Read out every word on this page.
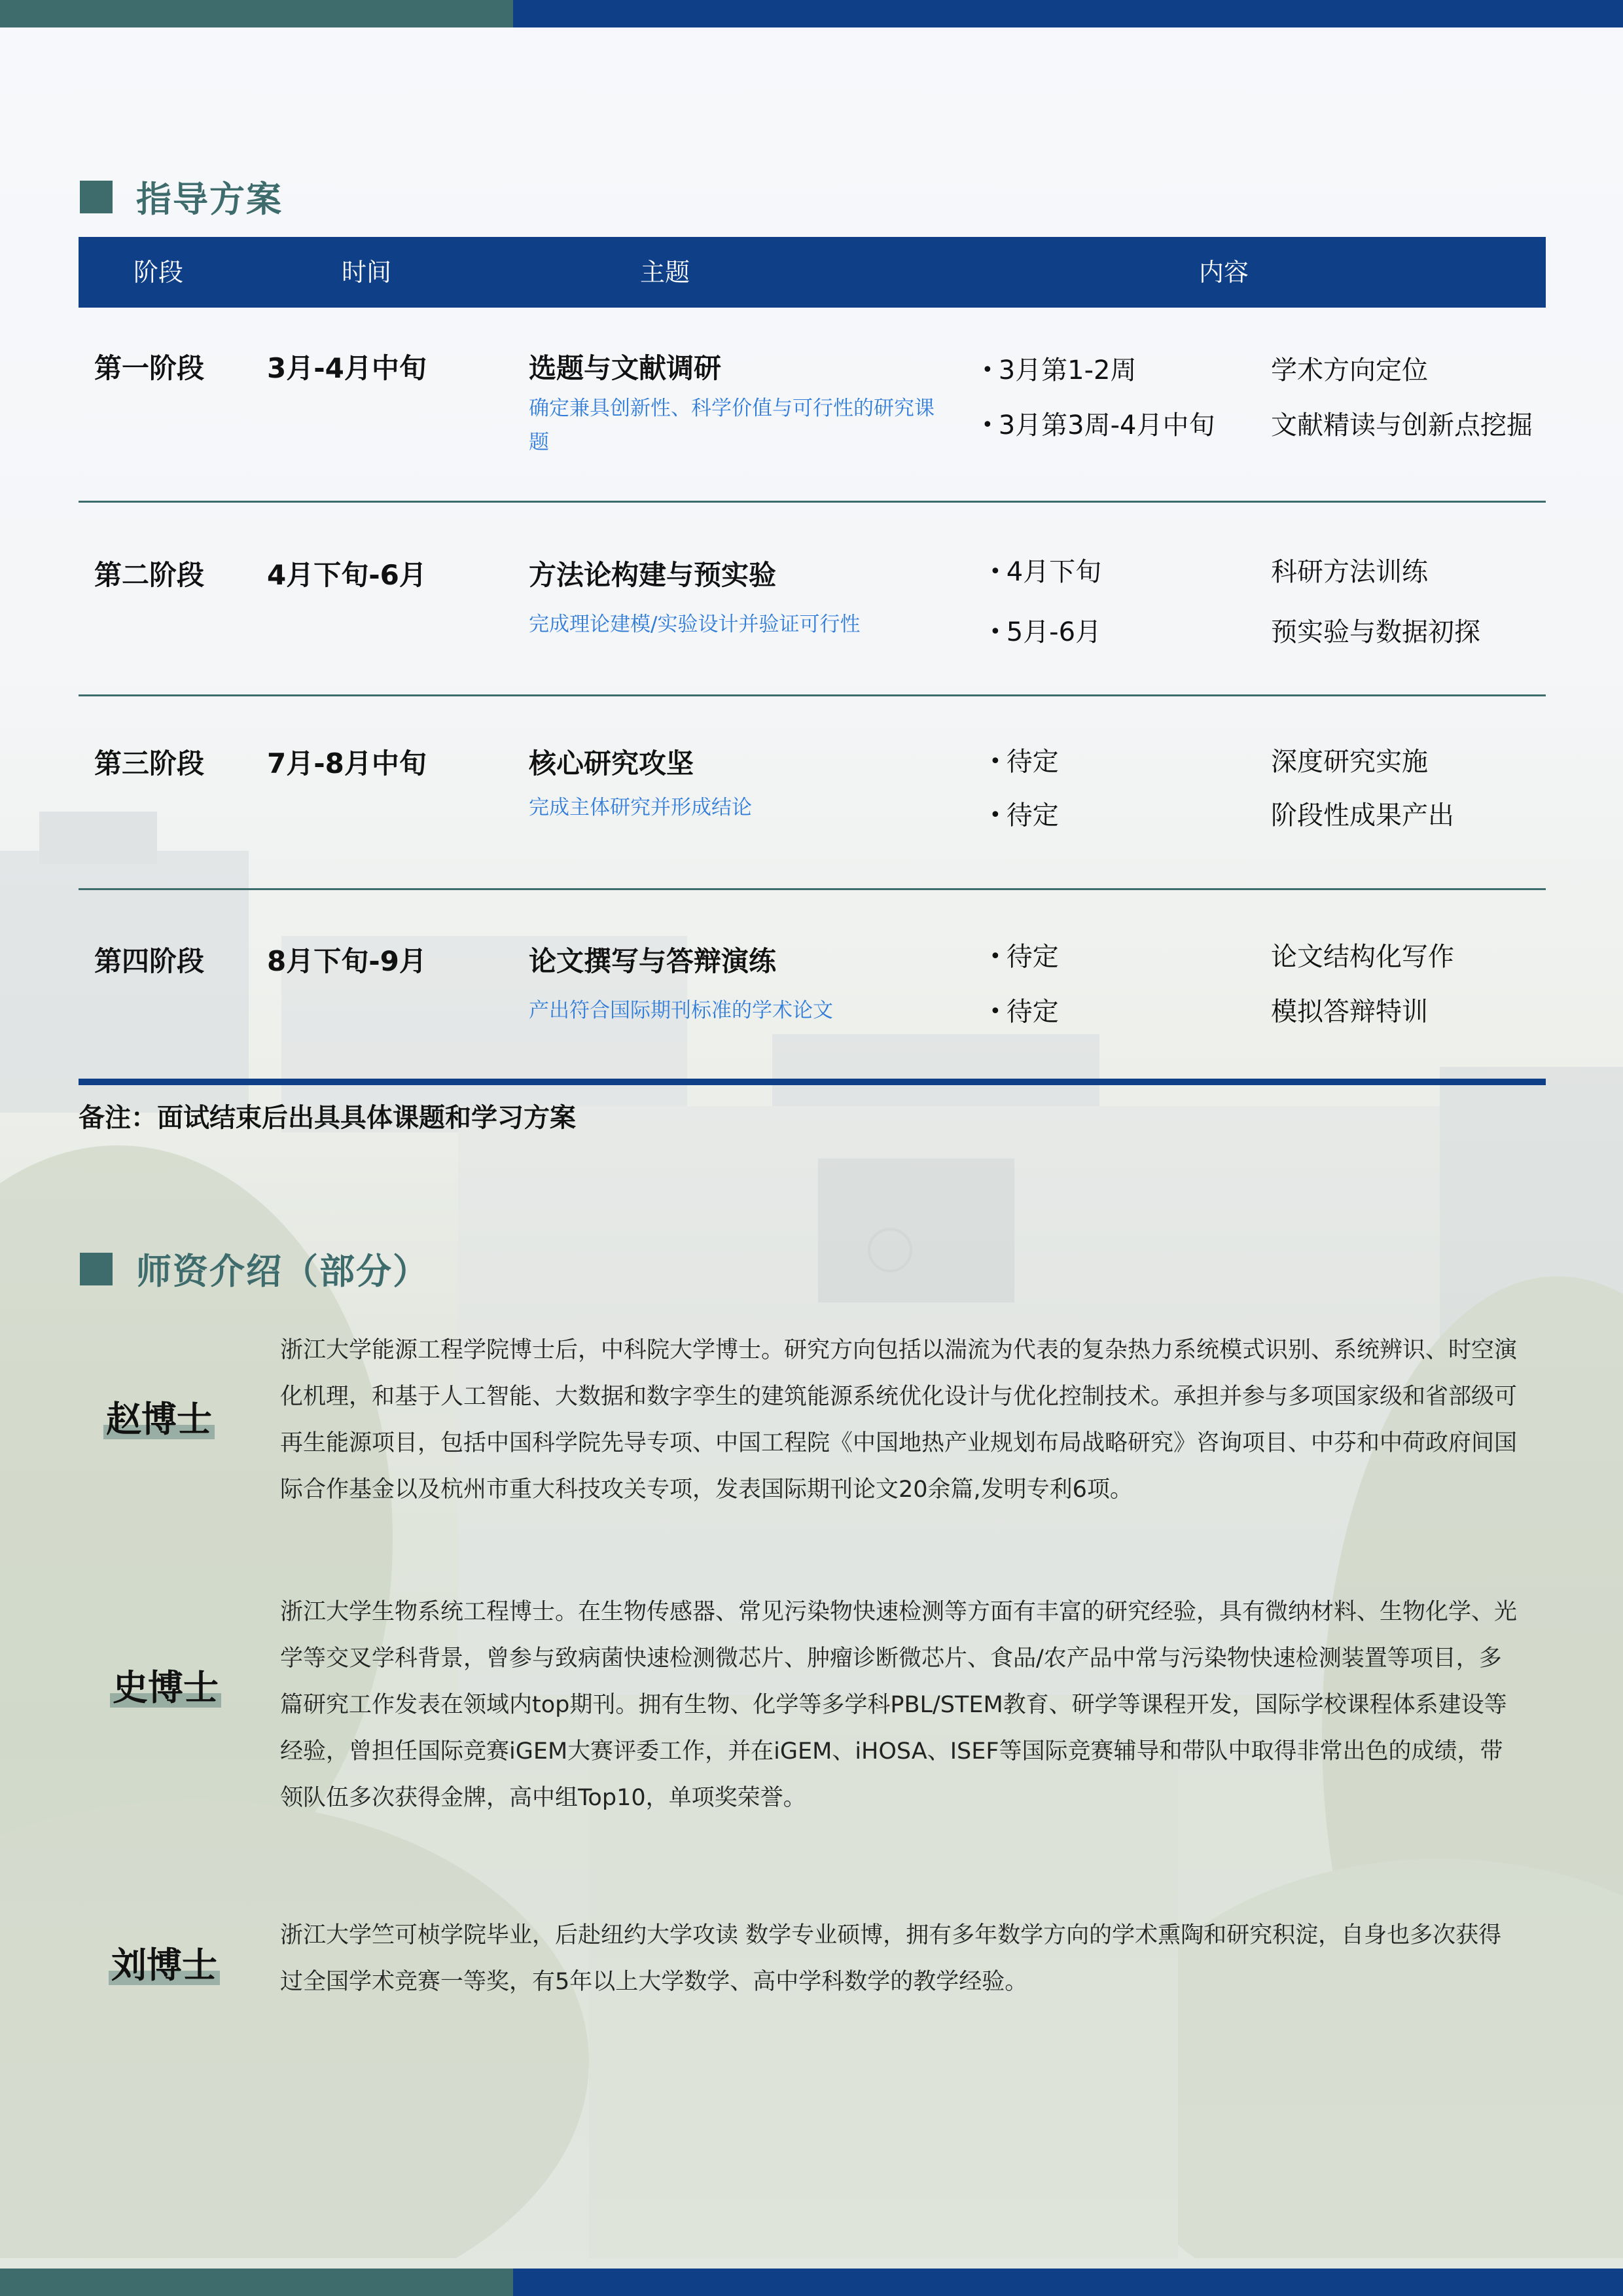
指导方案
阶段	时间	主题	内容
第一阶段 3月-4月中旬	选题与文献调研
确定兼具创新性、科学价值与可行性的研究课题
• 3月第1-2周	学术方向定位
• 3月第3周-4月中旬 文献精读与创新点挖掘
第二阶段 4月下旬-6月	方法论构建与预实验
完成理论建模/实验设计并验证可行性
• 4月下旬	科研方法训练
• 5月-6月	预实验与数据初探
第三阶段 7月-8月中旬	核心研究攻坚
完成主体研究并形成结论
• 待定	深度研究实施
• 待定	阶段性成果产出
第四阶段 8月下旬-9月	论文撰写与答辩演练
产出符合国际期刊标准的学术论文
• 待定	论文结构化写作
• 待定	模拟答辩特训
备注：面试结束后出具具体课题和学习方案
师资介绍（部分）
赵博士
浙江大学能源工程学院博士后，中科院大学博士。研究方向包括以湍流为代表的复杂热力系统模式识别、系统辨识、时空演化机理，和基于人工智能、大数据和数字孪生的建筑能源系统优化设计与优化控制技术。承担并参与多项国家级和省部级可再生能源项目，包括中国科学院先导专项、中国工程院《中国地热产业规划布局战略研究》咨询项目、中芬和中荷政府间国际合作基金以及杭州市重大科技攻关专项，发表国际期刊论文20余篇,发明专利6项。
史博士
浙江大学生物系统工程博士。在生物传感器、常见污染物快速检测等方面有丰富的研究经验，具有微纳材料、生物化学、光学等交叉学科背景，曾参与致病菌快速检测微芯片、肿瘤诊断微芯片、食品/农产品中常与污染物快速检测装置等项目，多篇研究工作发表在领域内top期刊。拥有生物、化学等多学科PBL/STEM教育、研学等课程开发，国际学校课程体系建设等经验，曾担任国际竞赛iGEM大赛评委工作，并在iGEM、iHOSA、ISEF等国际竞赛辅导和带队中取得非常出色的成绩，带领队伍多次获得金牌，高中组Top10，单项奖荣誉。
刘博士
浙江大学竺可桢学院毕业，后赴纽约大学攻读 数学专业硕博，拥有多年数学方向的学术熏陶和研究积淀，自身也多次获得过全国学术竞赛一等奖，有5年以上大学数学、高中学科数学的教学经验。
